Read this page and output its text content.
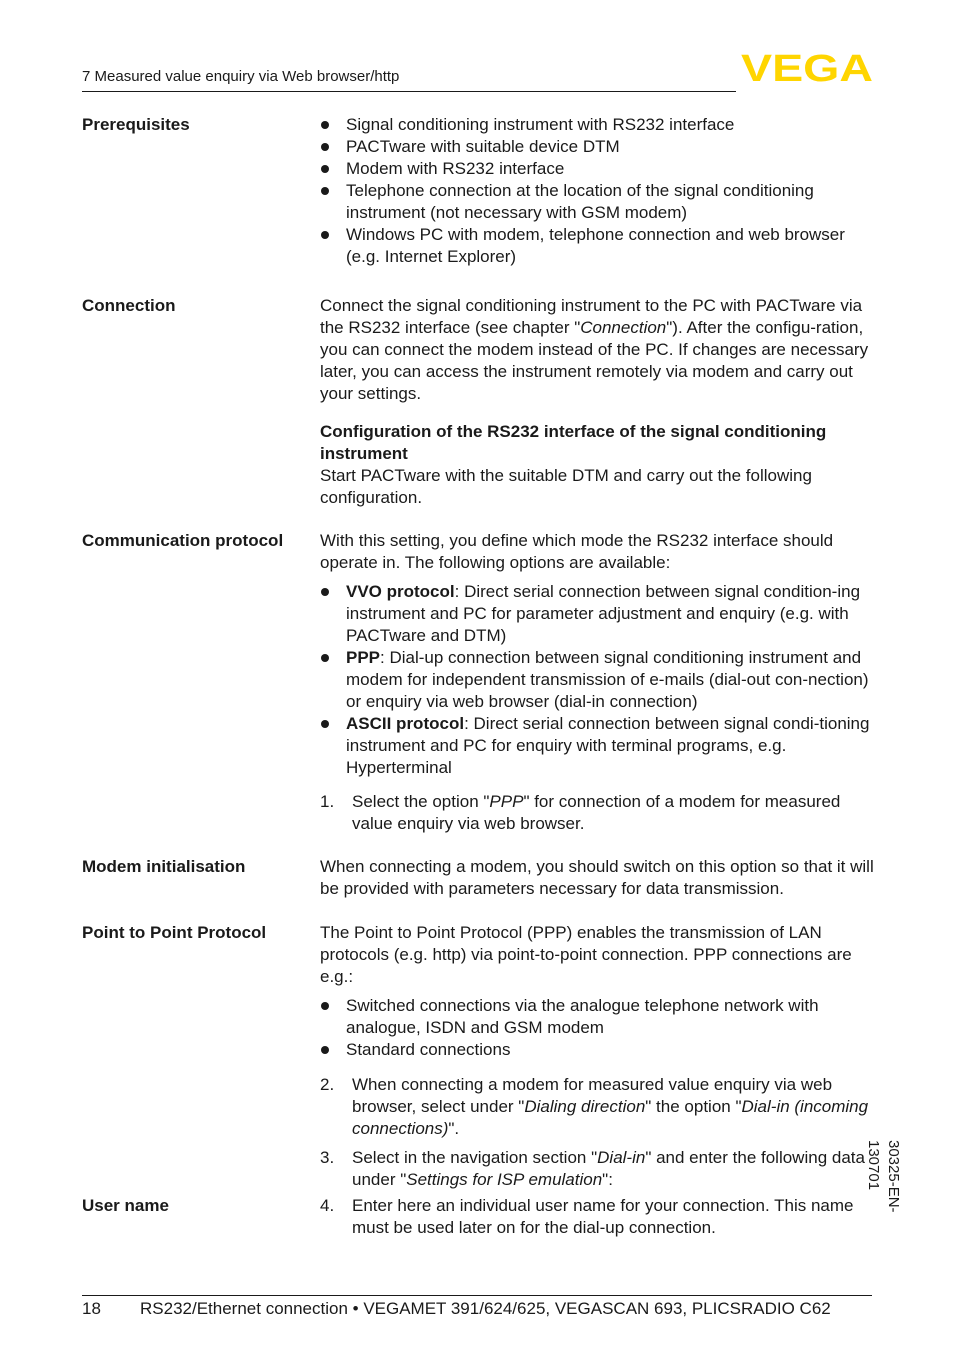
7 Measured value enquiry via Web browser/http	VEGA
Prerequisites	Signal conditioning instrument with RS232 interface
PACTware with suitable device DTM
Modem with RS232 interface
Telephone connection at the location of the signal conditioning instrument (not necessary with GSM modem)
Windows PC with modem, telephone connection and web browser (e.g. Internet Explorer)
Connection	Connect the signal conditioning instrument to the PC with PACTware via the RS232 interface (see chapter "Connection"). After the configu-ration, you can connect the modem instead of the PC. If changes are necessary later, you can access the instrument remotely via modem and carry out your settings.

Configuration of the RS232 interface of the signal conditioning instrument

Start PACTware with the suitable DTM and carry out the following configuration.

Communication protocol	With this setting, you define which mode the RS232 interface should operate in. The following options are available:

VVO protocol: Direct serial connection between signal condition-ing instrument and PC for parameter adjustment and enquiry (e.g. with PACTware and DTM)
PPP: Dial-up connection between signal conditioning instrument and modem for independent transmission of e-mails (dial-out con-nection) or enquiry via web browser (dial-in connection)
ASCII protocol: Direct serial connection between signal condi-tioning instrument and PC for enquiry with terminal programs, e.g. Hyperterminal
1. Select the option "PPP" for connection of a modem for measured value enquiry via web browser.
Modem initialisation	When connecting a modem, you should switch on this option so that it will be provided with parameters necessary for data transmission.
Point to Point Protocol	The Point to Point Protocol (PPP) enables the transmission of LAN protocols (e.g. http) via point-to-point connection. PPP connections are e.g.:

Switched connections via the analogue telephone network with analogue, ISDN and GSM modem
Standard connections
2. When connecting a modem for measured value enquiry via web browser, select under "Dialing direction" the option "Dial-in (incoming connections)".
3. Select in the navigation section "Dial-in" and enter the following data under "Settings for ISP emulation":
User name	4. Enter here an individual user name for your connection. This name must be used later on for the dial-up connection.
30325-EN-130701
18 RS232/Ethernet connection • VEGAMET 391/624/625, VEGASCAN 693, PLICSRADIO C62
